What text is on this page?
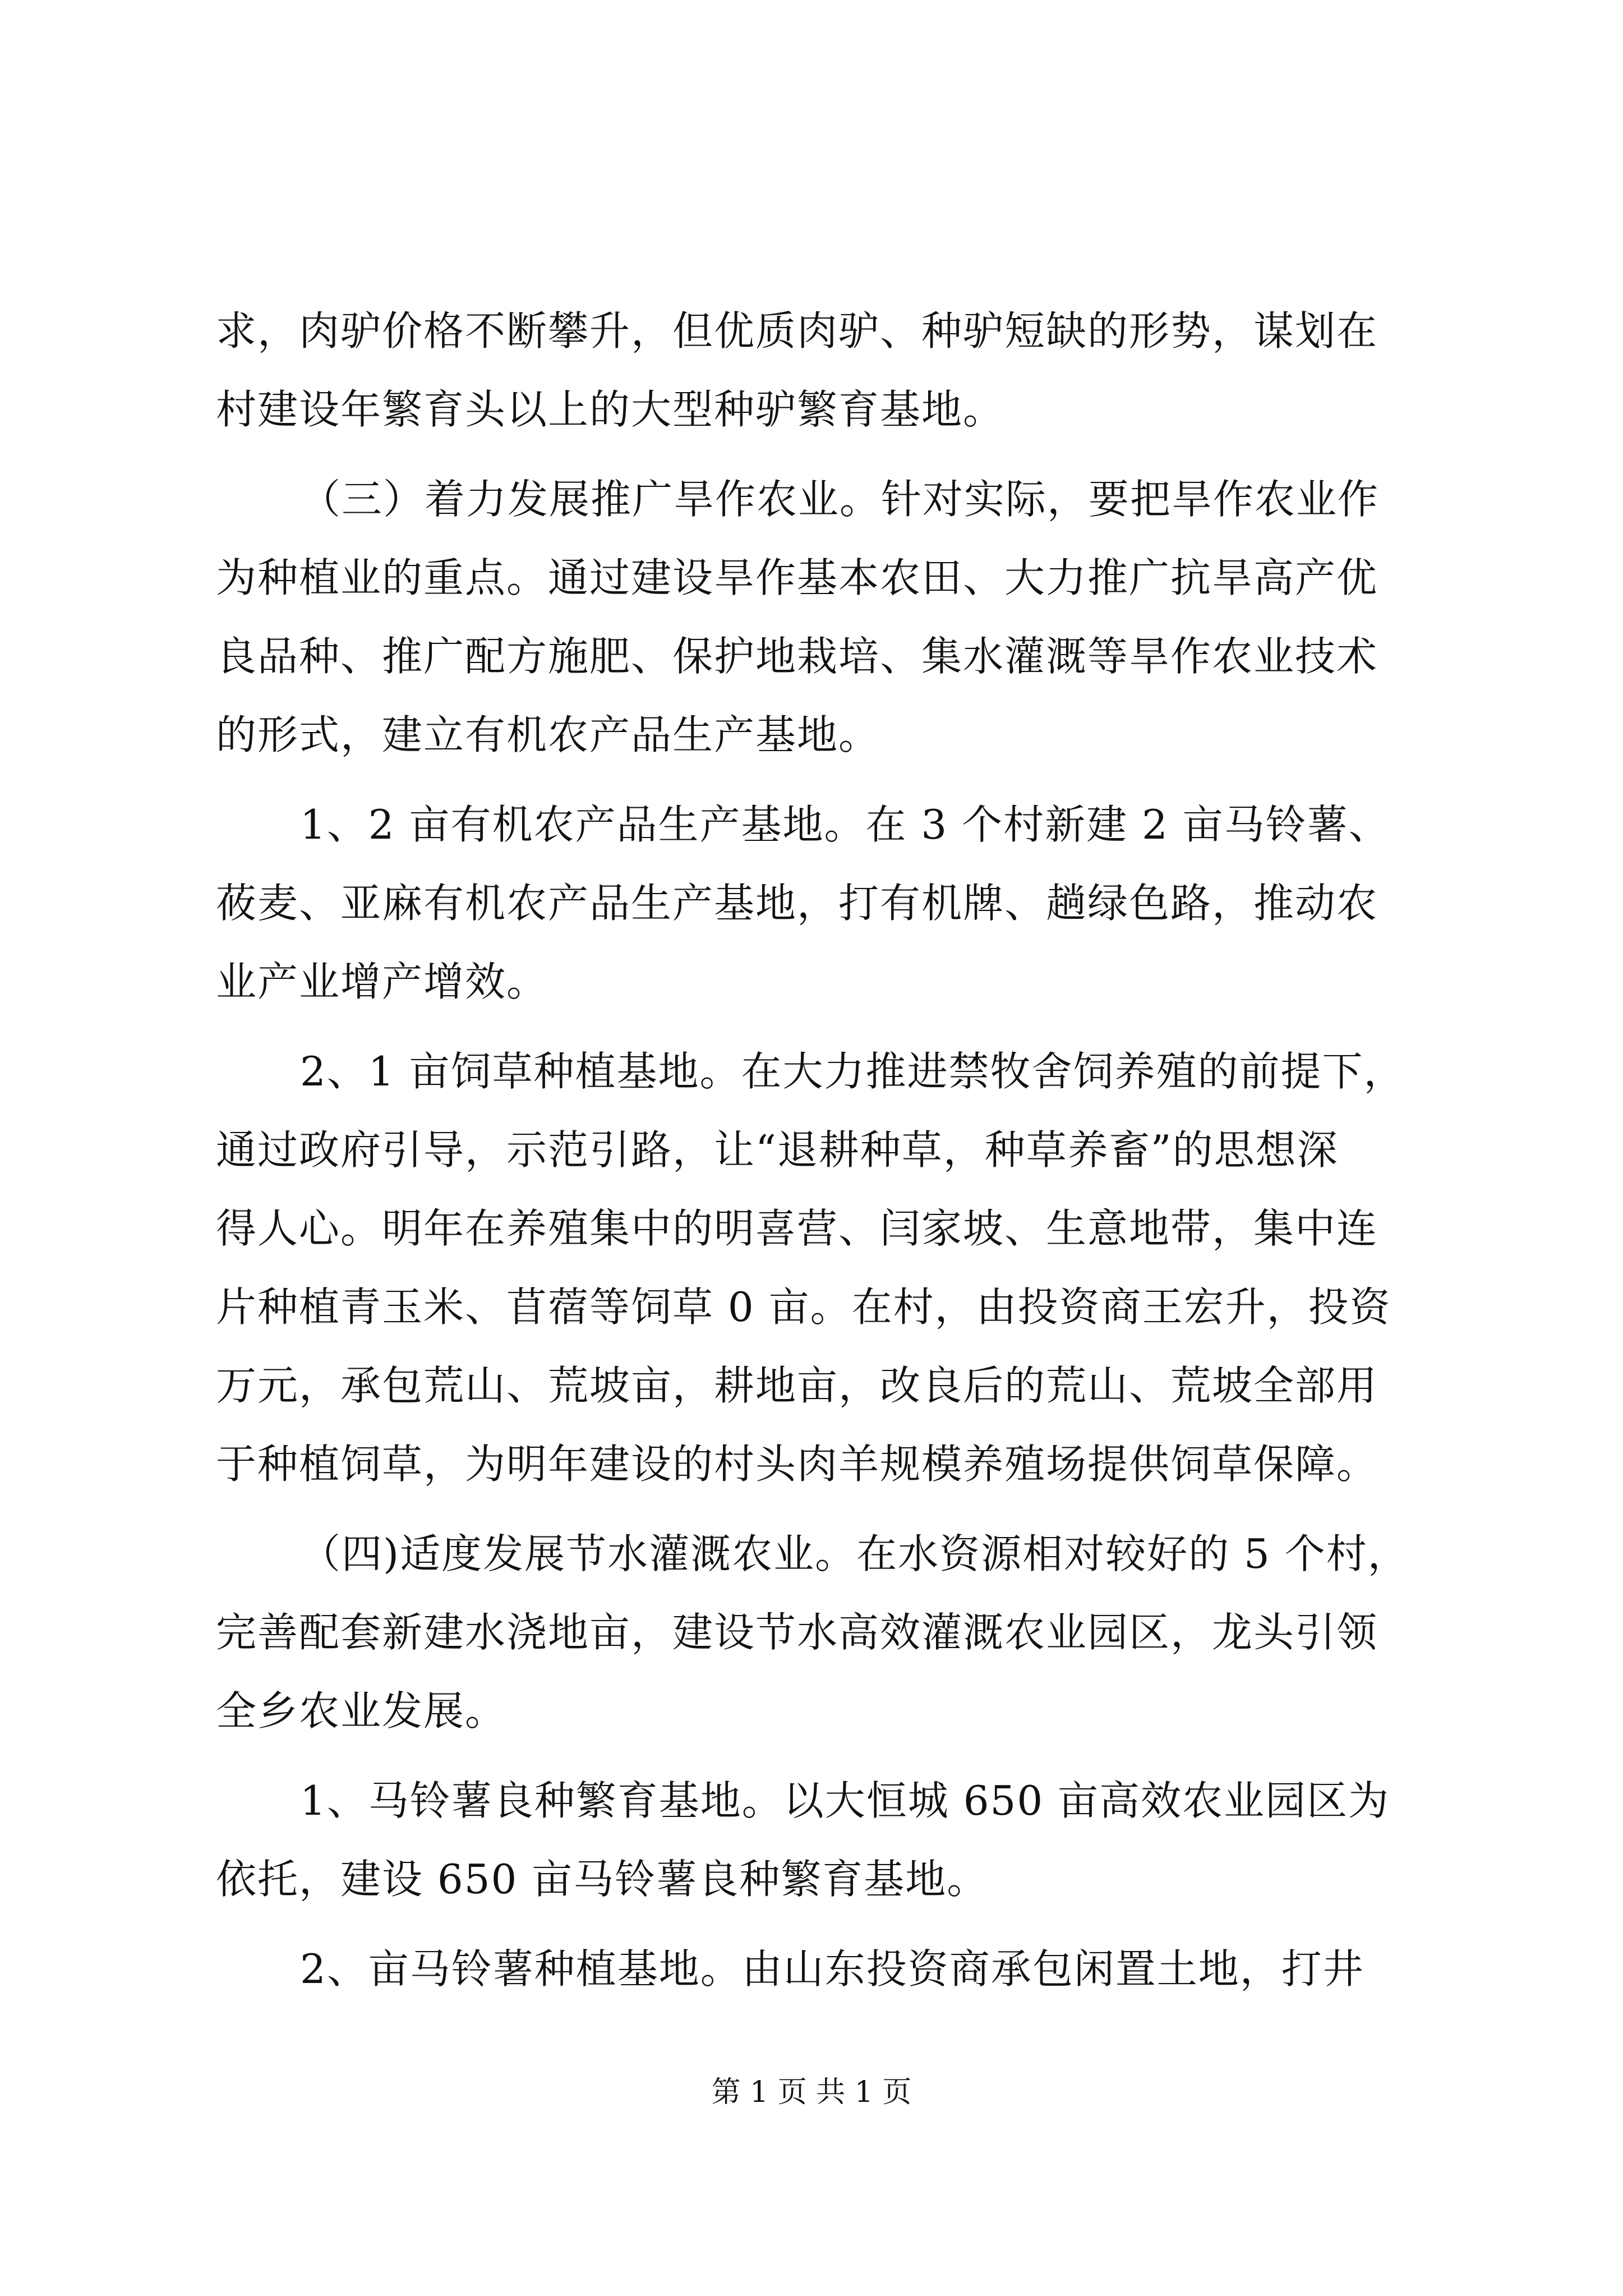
求，肉驴价格不断攀升，但优质肉驴、种驴短缺的形势，谋划在
村建设年繁育头以上的大型种驴繁育基地。
（三）着力发展推广旱作农业。针对实际，要把旱作农业作
为种植业的重点。通过建设旱作基本农田、大力推广抗旱高产优
良品种、推广配方施肥、保护地栽培、集水灌溉等旱作农业技术
的形式，建立有机农产品生产基地。
1、2 亩有机农产品生产基地。在 3 个村新建 2 亩马铃薯、
莜麦、亚麻有机农产品生产基地，打有机牌、趟绿色路，推动农
业产业增产增效。
2、1 亩饲草种植基地。在大力推进禁牧舍饲养殖的前提下，
通过政府引导，示范引路，让“退耕种草，种草养畜”的思想深
得人心。明年在养殖集中的明喜营、闫家坡、生意地带，集中连
片种植青玉米、苜蓿等饲草 0 亩。在村，由投资商王宏升，投资
万元，承包荒山、荒坡亩，耕地亩，改良后的荒山、荒坡全部用
于种植饲草，为明年建设的村头肉羊规模养殖场提供饲草保障。
（四)适度发展节水灌溉农业。在水资源相对较好的 5 个村，
完善配套新建水浇地亩，建设节水高效灌溉农业园区，龙头引领
全乡农业发展。
1、马铃薯良种繁育基地。以大恒城 650 亩高效农业园区为
依托，建设 650 亩马铃薯良种繁育基地。
2、亩马铃薯种植基地。由山东投资商承包闲置土地，打井
第 1 页 共 1 页
